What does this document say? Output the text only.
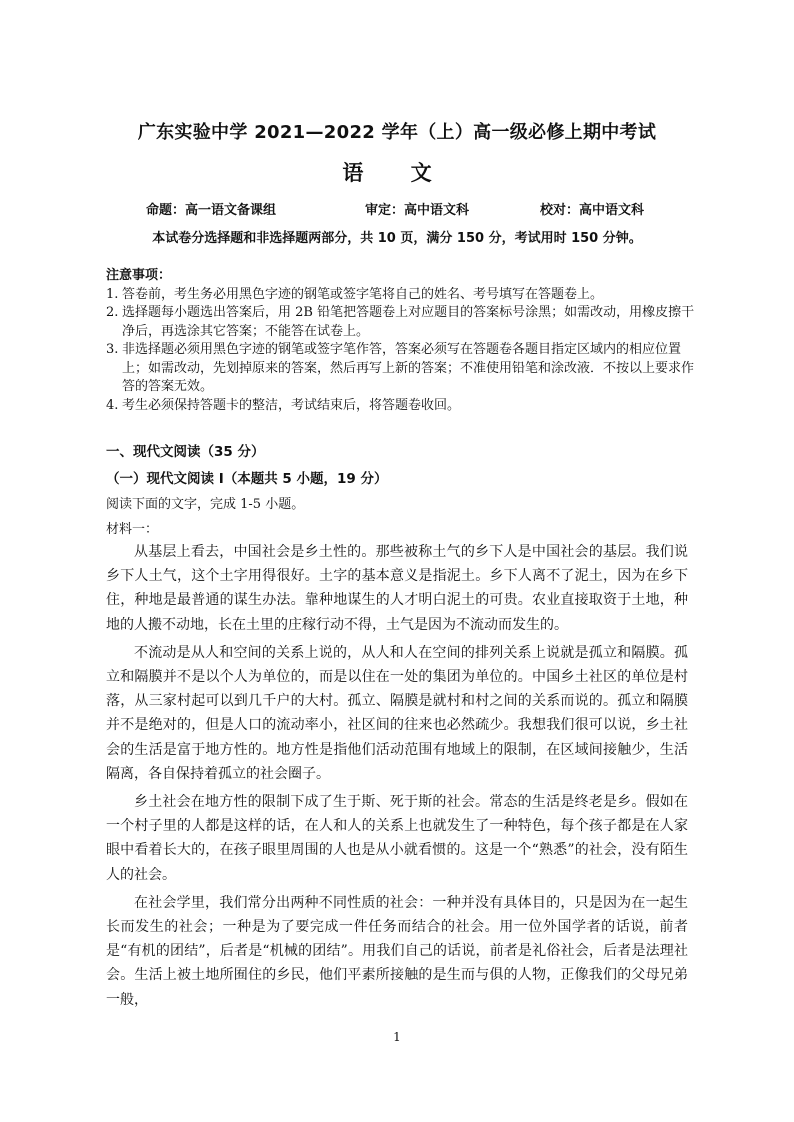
广东实验中学 2021—2022 学年（上）高一级必修上期中考试
语 文
命题：高一语文备课组	审定：高中语文科	校对：高中语文科
本试卷分选择题和非选择题两部分，共 10 页，满分 150 分，考试用时 150 分钟。
注意事项：
1. 答卷前，考生务必用黑色字迹的钢笔或签字笔将自己的姓名、考号填写在答题卷上。
2. 选择题每小题选出答案后，用 2B 铅笔把答题卷上对应题目的答案标号涂黑；如需改动，用橡皮擦干净后，再选涂其它答案；不能答在试卷上。
3. 非选择题必须用黑色字迹的钢笔或签字笔作答，答案必须写在答题卷各题目指定区域内的相应位置上；如需改动，先划掉原来的答案，然后再写上新的答案；不准使用铅笔和涂改液．不按以上要求作答的答案无效。
4. 考生必须保持答题卡的整洁，考试结束后，将答题卷收回。
一、现代文阅读（35 分）
（一）现代文阅读 I（本题共 5 小题，19 分）
阅读下面的文字，完成 1-5 小题。
材料一：

从基层上看去，中国社会是乡土性的。那些被称土气的乡下人是中国社会的基层。我们说乡下人土气，这个土字用得很好。土字的基本意义是指泥土。乡下人离不了泥土，因为在乡下住，种地是最普通的谋生办法。靠种地谋生的人才明白泥土的可贵。农业直接取资于土地，种地的人搬不动地，长在土里的庄稼行动不得，土气是因为不流动而发生的。

不流动是从人和空间的关系上说的，从人和人在空间的排列关系上说就是孤立和隔膜。孤立和隔膜并不是以个人为单位的，而是以住在一处的集团为单位的。中国乡土社区的单位是村落，从三家村起可以到几千户的大村。孤立、隔膜是就村和村之间的关系而说的。孤立和隔膜并不是绝对的，但是人口的流动率小，社区间的往来也必然疏少。我想我们很可以说，乡土社会的生活是富于地方性的。地方性是指他们活动范围有地域上的限制，在区域间接触少，生活隔离，各自保持着孤立的社会圈子。

乡土社会在地方性的限制下成了生于斯、死于斯的社会。常态的生活是终老是乡。假如在一个村子里的人都是这样的话，在人和人的关系上也就发生了一种特色，每个孩子都是在人家眼中看着长大的，在孩子眼里周围的人也是从小就看惯的。这是一个“熟悉”的社会，没有陌生人的社会。

在社会学里，我们常分出两种不同性质的社会：一种并没有具体目的，只是因为在一起生长而发生的社会；一种是为了要完成一件任务而结合的社会。用一位外国学者的话说，前者是“有机的团结”，后者是“机械的团结”。用我们自己的话说，前者是礼俗社会，后者是法理社会。生活上被土地所囿住的乡民，他们平素所接触的是生而与俱的人物，正像我们的父母兄弟一般，

1
